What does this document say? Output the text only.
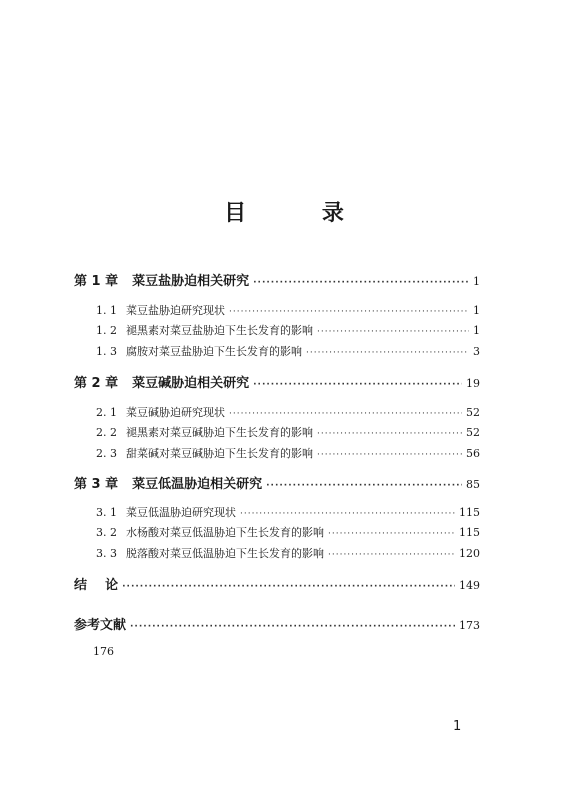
目 录
第 1 章 菜豆盐胁迫相关研究 ·····	1
1. 1 菜豆盐胁迫研究现状 ·····	1
1. 2 褪黑素对菜豆盐胁迫下生长发育的影响 ·····	1
1. 3 腐胺对菜豆盐胁迫下生长发育的影响 ·····	3
第 2 章 菜豆碱胁迫相关研究 ·····	19
2. 1 菜豆碱胁迫研究现状 ·····	52
2. 2 褪黑素对菜豆碱胁迫下生长发育的影响 ·····	52
2. 3 甜菜碱对菜豆碱胁迫下生长发育的影响 ·····	56
第 3 章 菜豆低温胁迫相关研究 ·····	85
3. 1 菜豆低温胁迫研究现状 ·····	115
3. 2 水杨酸对菜豆低温胁迫下生长发育的影响 ·····	115
3. 3 脱落酸对菜豆低温胁迫下生长发育的影响 ·····	120
结    论 ·····	149
参考文献 ·····	173
176
1
